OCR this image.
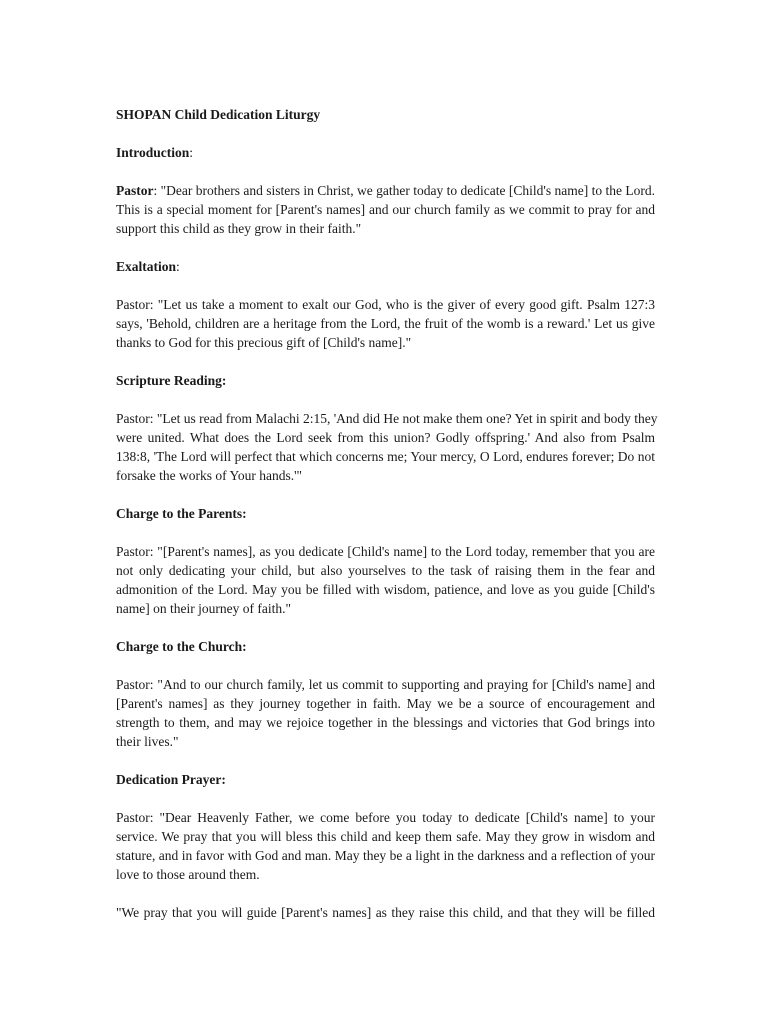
SHOPAN Child Dedication Liturgy
Introduction:
Pastor: "Dear brothers and sisters in Christ, we gather today to dedicate [Child's name] to the Lord.
This is a special moment for [Parent's names] and our church family as we commit to pray for and
support this child as they grow in their faith."
Exaltation:
Pastor: "Let us take a moment to exalt our God, who is the giver of every good gift. Psalm 127:3
says, 'Behold, children are a heritage from the Lord, the fruit of the womb is a reward.' Let us give
thanks to God for this precious gift of [Child's name]."
Scripture Reading:
Pastor: "Let us read from Malachi 2:15, 'And did He not make them one? Yet in spirit and body they
were united. What does the Lord seek from this union? Godly offspring.' And also from Psalm
138:8, 'The Lord will perfect that which concerns me; Your mercy, O Lord, endures forever; Do not
forsake the works of Your hands.'"
Charge to the Parents:
Pastor: "[Parent's names], as you dedicate [Child's name] to the Lord today, remember that you are
not only dedicating your child, but also yourselves to the task of raising them in the fear and
admonition of the Lord. May you be filled with wisdom, patience, and love as you guide [Child's
name] on their journey of faith."
Charge to the Church:
Pastor: "And to our church family, let us commit to supporting and praying for [Child's name] and
[Parent's names] as they journey together in faith. May we be a source of encouragement and
strength to them, and may we rejoice together in the blessings and victories that God brings into
their lives."
Dedication Prayer:
Pastor: "Dear Heavenly Father, we come before you today to dedicate [Child's name] to your
service. We pray that you will bless this child and keep them safe. May they grow in wisdom and
stature, and in favor with God and man. May they be a light in the darkness and a reflection of your
love to those around them.
"We pray that you will guide [Parent's names] as they raise this child, and that they will be filled
